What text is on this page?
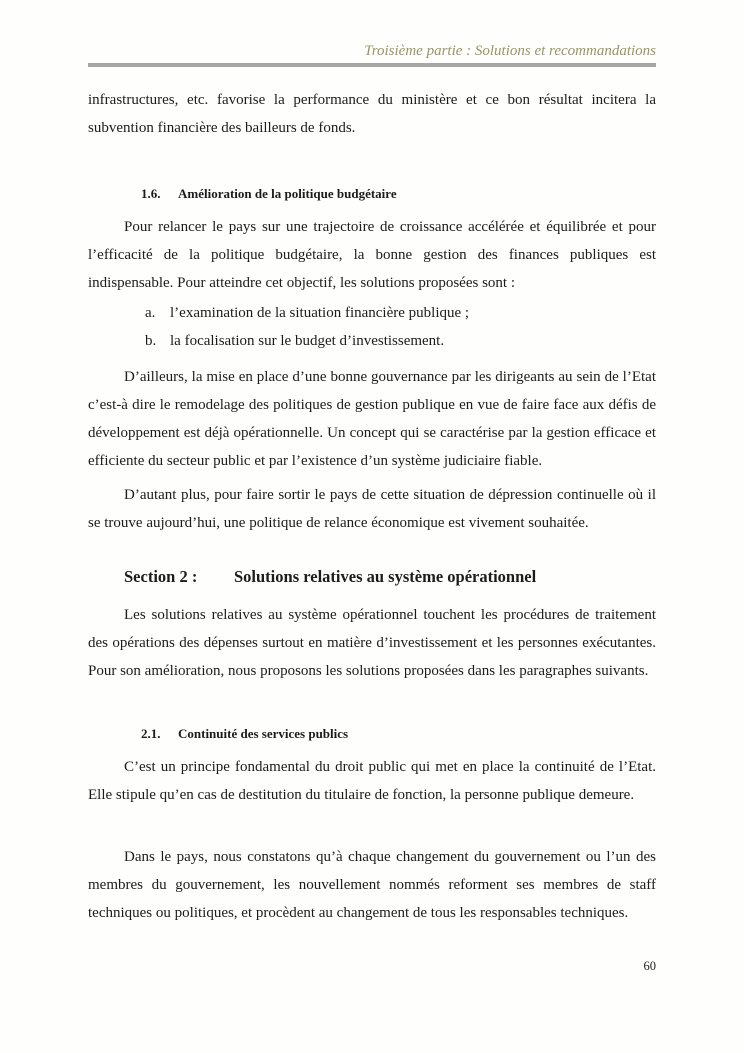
Troisième partie : Solutions et recommandations

infrastructures, etc. favorise la performance du ministère et ce bon résultat incitera la subvention financière des bailleurs de fonds.

1.6. Amélioration de la politique budgétaire

Pour relancer le pays sur une trajectoire de croissance accélérée et équilibrée et pour l’efficacité de la politique budgétaire, la bonne gestion des finances publiques est indispensable. Pour atteindre cet objectif, les solutions proposées sont :

a. l’examination de la situation financière publique ;
b. la focalisation sur le budget d’investissement.

D’ailleurs, la mise en place d’une bonne gouvernance par les dirigeants au sein de l’Etat c’est-à dire le remodelage des politiques de gestion publique en vue de faire face aux défis de développement est déjà opérationnelle. Un concept qui se caractérise par la gestion efficace et efficiente du secteur public et par l’existence d’un système judiciaire fiable.

D’autant plus, pour faire sortir le pays de cette situation de dépression continuelle où il se trouve aujourd’hui, une politique de relance économique est vivement souhaitée.

Section 2 : Solutions relatives au système opérationnel

Les solutions relatives au système opérationnel touchent les procédures de traitement des opérations des dépenses surtout en matière d’investissement et les personnes exécutantes. Pour son amélioration, nous proposons les solutions proposées dans les paragraphes suivants.

2.1. Continuité des services publics

C’est un principe fondamental du droit public qui met en place la continuité de l’Etat. Elle stipule qu’en cas de destitution du titulaire de fonction, la personne publique demeure.

Dans le pays, nous constatons qu’à chaque changement du gouvernement ou l’un des membres du gouvernement, les nouvellement nommés reforment ses membres de staff techniques ou politiques, et procèdent au changement de tous les responsables techniques.

60
